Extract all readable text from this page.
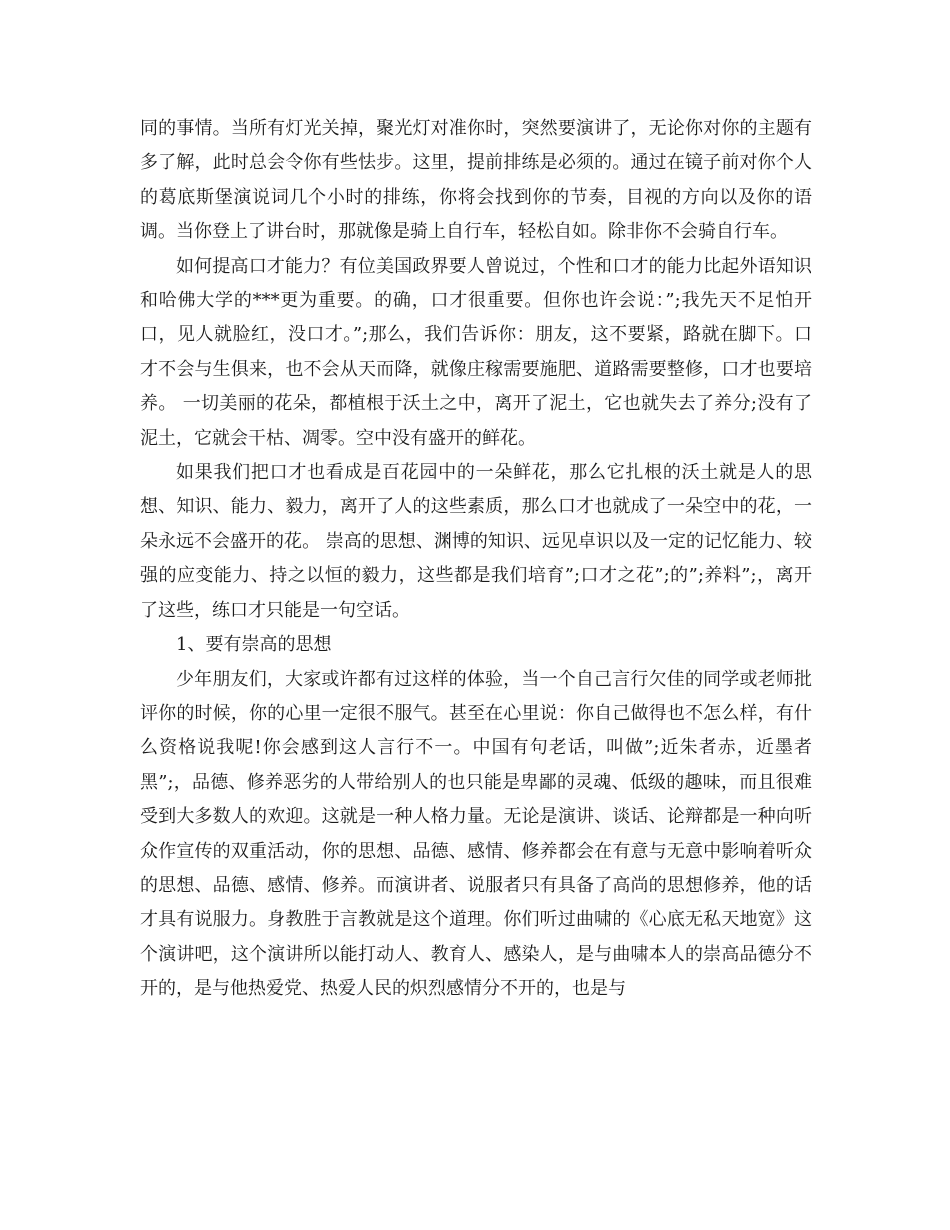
同的事情。当所有灯光关掉，聚光灯对准你时，突然要演讲了，无论你对你的主题有多了解，此时总会令你有些怯步。这里，提前排练是必须的。通过在镜子前对你个人的葛底斯堡演说词几个小时的排练，你将会找到你的节奏，目视的方向以及你的语调。当你登上了讲台时，那就像是骑上自行车，轻松自如。除非你不会骑自行车。

如何提高口才能力？有位美国政界要人曾说过，个性和口才的能力比起外语知识和哈佛大学的***更为重要。的确，口才很重要。但你也许会说：”;我先天不足怕开口，见人就脸红，没口才。”;那么，我们告诉你：朋友，这不要紧，路就在脚下。口才不会与生俱来，也不会从天而降，就像庄稼需要施肥、道路需要整修，口才也要培养。 一切美丽的花朵，都植根于沃土之中，离开了泥土，它也就失去了养分;没有了泥土，它就会干枯、凋零。空中没有盛开的鲜花。

如果我们把口才也看成是百花园中的一朵鲜花，那么它扎根的沃土就是人的思想、知识、能力、毅力，离开了人的这些素质，那么口才也就成了一朵空中的花，一朵永远不会盛开的花。 崇高的思想、渊博的知识、远见卓识以及一定的记忆能力、较强的应变能力、持之以恒的毅力，这些都是我们培育”;口才之花”;的”;养料”;，离开了这些，练口才只能是一句空话。

1、要有崇高的思想

少年朋友们，大家或许都有过这样的体验，当一个自己言行欠佳的同学或老师批评你的时候，你的心里一定很不服气。甚至在心里说：你自己做得也不怎么样，有什么资格说我呢!你会感到这人言行不一。中国有句老话，叫做”;近朱者赤，近墨者黑”;，品德、修养恶劣的人带给别人的也只能是卑鄙的灵魂、低级的趣味，而且很难受到大多数人的欢迎。这就是一种人格力量。无论是演讲、谈话、论辩都是一种向听众作宣传的双重活动，你的思想、品德、感情、修养都会在有意与无意中影响着听众的思想、品德、感情、修养。而演讲者、说服者只有具备了高尚的思想修养，他的话才具有说服力。身教胜于言教就是这个道理。你们听过曲啸的《心底无私天地宽》这个演讲吧，这个演讲所以能打动人、教育人、感染人，是与曲啸本人的崇高品德分不开的，是与他热爱党、热爱人民的炽烈感情分不开的，也是与
